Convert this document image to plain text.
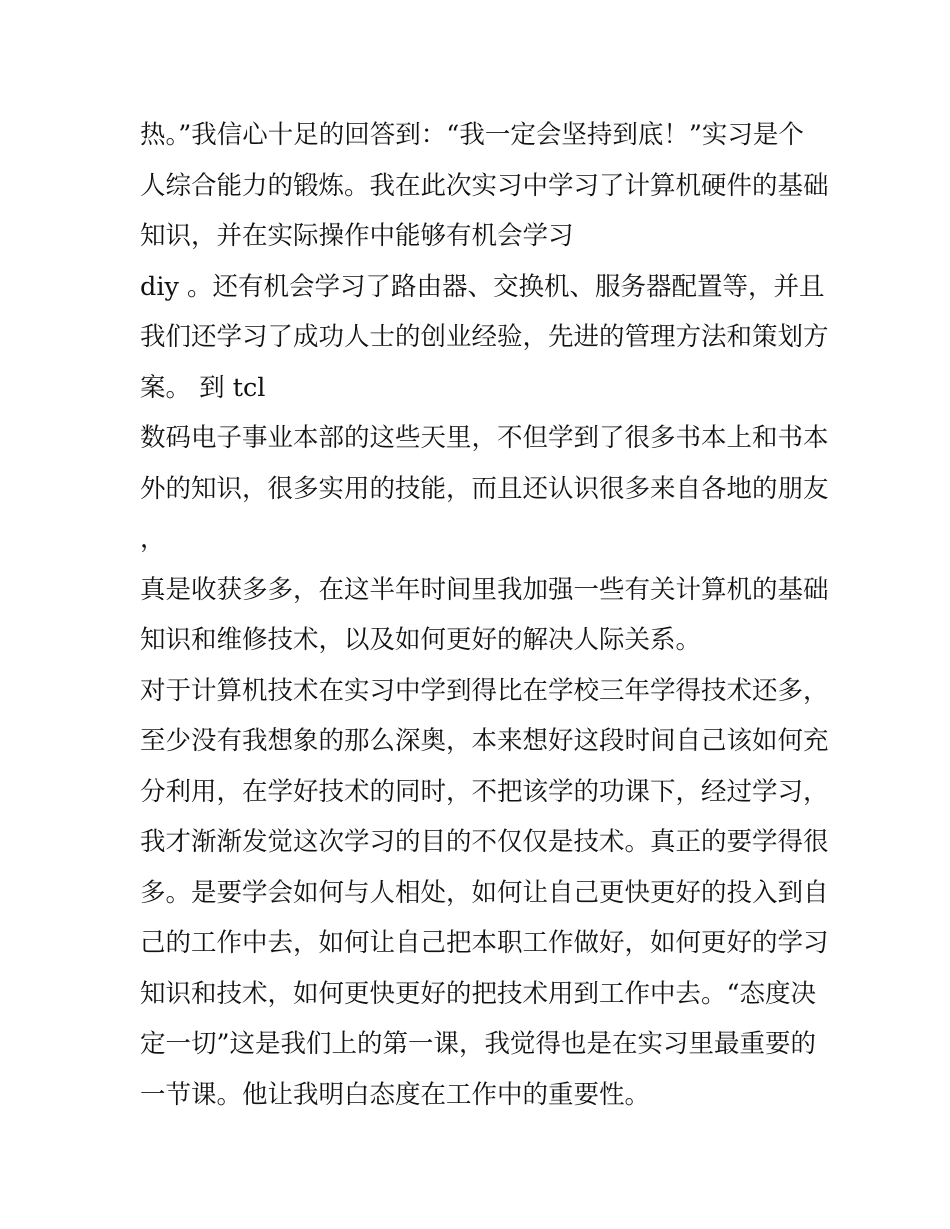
热。”我信心十足的回答到：“我一定会坚持到底！”实习是个
人综合能力的锻炼。我在此次实习中学习了计算机硬件的基础
知识，并在实际操作中能够有机会学习
diy 。还有机会学习了路由器、交换机、服务器配置等，并且
我们还学习了成功人士的创业经验，先进的管理方法和策划方
案。 到 tcl
数码电子事业本部的这些天里，不但学到了很多书本上和书本
外的知识，很多实用的技能，而且还认识很多来自各地的朋友
，
真是收获多多，在这半年时间里我加强一些有关计算机的基础
知识和维修技术，以及如何更好的解决人际关系。
对于计算机技术在实习中学到得比在学校三年学得技术还多，
至少没有我想象的那么深奥，本来想好这段时间自己该如何充
分利用，在学好技术的同时，不把该学的功课下，经过学习，
我才渐渐发觉这次学习的目的不仅仅是技术。真正的要学得很
多。是要学会如何与人相处，如何让自己更快更好的投入到自
己的工作中去，如何让自己把本职工作做好，如何更好的学习
知识和技术，如何更快更好的把技术用到工作中去。“态度决
定一切”这是我们上的第一课，我觉得也是在实习里最重要的
一节课。他让我明白态度在工作中的重要性。
